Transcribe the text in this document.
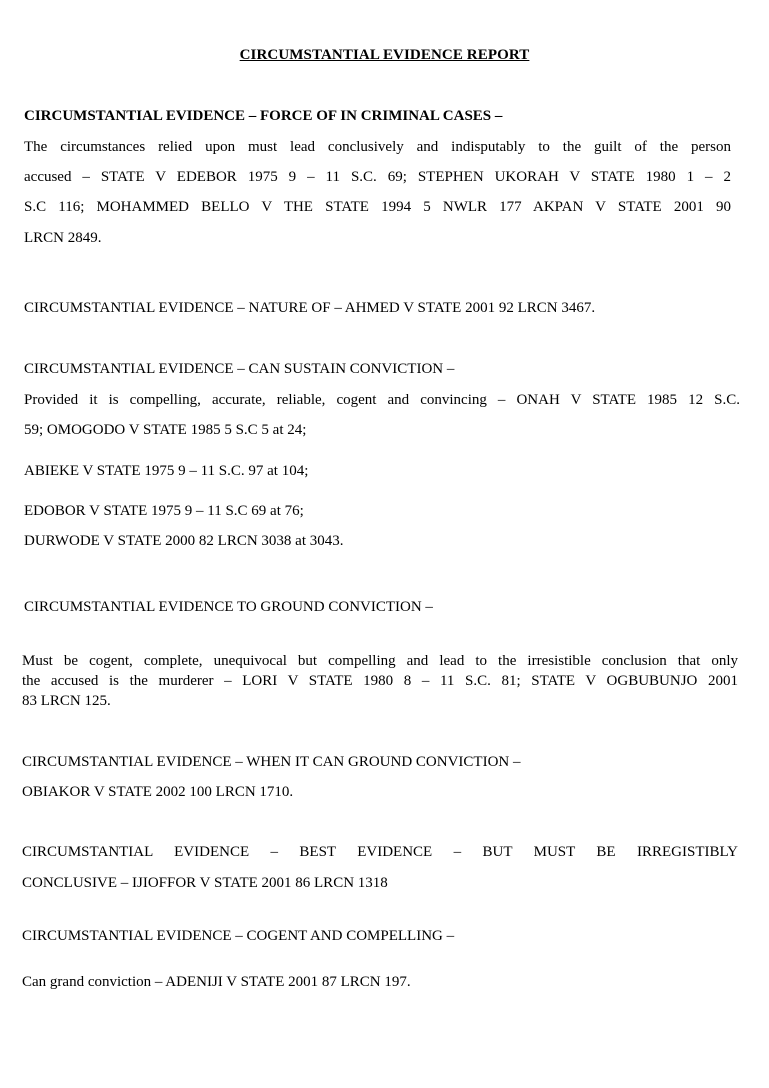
CIRCUMSTANTIAL EVIDENCE REPORT
CIRCUMSTANTIAL EVIDENCE – FORCE OF IN CRIMINAL CASES –
The circumstances relied upon must lead conclusively and indisputably to the guilt of the person
accused – STATE V EDEBOR 1975 9 – 11 S.C. 69; STEPHEN UKORAH V STATE 1980 1 – 2
S.C 116; MOHAMMED BELLO V THE STATE 1994 5 NWLR 177 AKPAN V STATE 2001 90
LRCN 2849.
CIRCUMSTANTIAL EVIDENCE – NATURE OF – AHMED V STATE 2001 92 LRCN 3467.
CIRCUMSTANTIAL EVIDENCE – CAN SUSTAIN CONVICTION –
Provided it is compelling, accurate, reliable, cogent and convincing – ONAH V STATE 1985 12 S.C.
59; OMOGODO V STATE 1985 5 S.C 5 at 24;
ABIEKE V STATE 1975 9 – 11 S.C. 97 at 104;
EDOBOR V STATE 1975 9 – 11 S.C 69 at 76;
DURWODE V STATE 2000 82 LRCN 3038 at 3043.
CIRCUMSTANTIAL EVIDENCE TO GROUND CONVICTION –
Must be cogent, complete, unequivocal but compelling and lead to the irresistible conclusion that only
the accused is the murderer – LORI V STATE 1980 8 – 11 S.C. 81; STATE V OGBUBUNJO 2001
83 LRCN 125.
CIRCUMSTANTIAL EVIDENCE – WHEN IT CAN GROUND CONVICTION –
OBIAKOR V STATE 2002 100 LRCN 1710.
CIRCUMSTANTIAL EVIDENCE – BEST EVIDENCE – BUT MUST BE IRREGISTIBLY
CONCLUSIVE – IJIOFFOR V STATE 2001 86 LRCN 1318
CIRCUMSTANTIAL EVIDENCE – COGENT AND COMPELLING –
Can grand conviction – ADENIJI V STATE 2001 87 LRCN 197.
